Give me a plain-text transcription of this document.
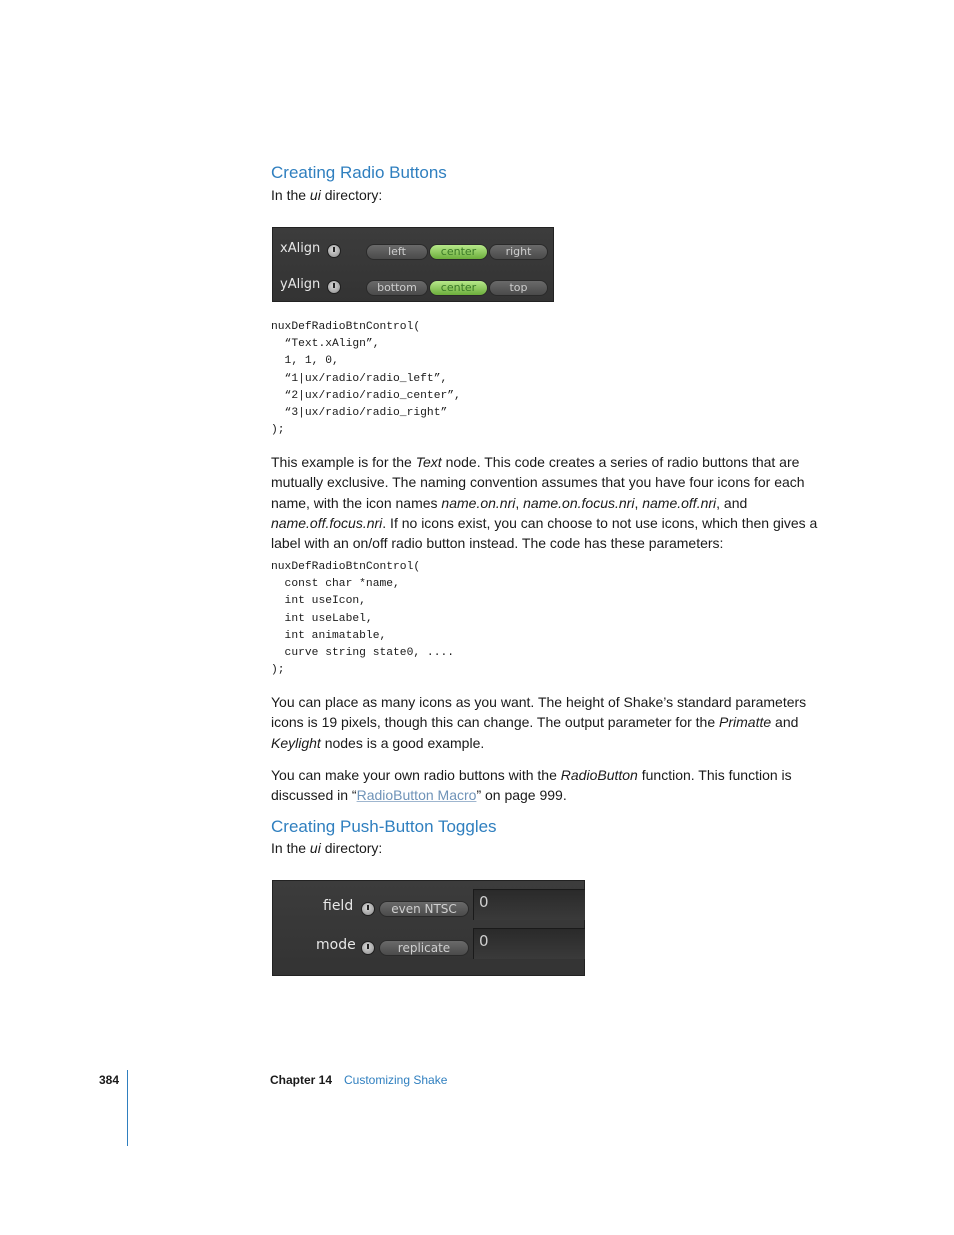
Creating Radio Buttons

In the ui directory:

xAlign	left	center	right
yAlign	bottom	center	top
nuxDefRadioBtnControl(
“Text.xAlign”,
1, 1, 0,
“1|ux/radio/radio_left”,
“2|ux/radio/radio_center”,
“3|ux/radio/radio_right”
);

This example is for the Text node. This code creates a series of radio buttons that are mutually exclusive. The naming convention assumes that you have four icons for each name, with the icon names name.on.nri, name.on.focus.nri, name.off.nri, and name.off.focus.nri. If no icons exist, you can choose to not use icons, which then gives a label with an on/off radio button instead. The code has these parameters:

nuxDefRadioBtnControl(
const char *name,
int useIcon,
int useLabel,
int animatable,
curve string state0, ....
);

You can place as many icons as you want. The height of Shake’s standard parameters icons is 19 pixels, though this can change. The output parameter for the Primatte and Keylight nodes is a good example.

You can make your own radio buttons with the RadioButton function. This function is discussed in “RadioButton Macro” on page 999.

Creating Push-Button Toggles

In the ui directory:

field	even NTSC	0
mode	replicate	0
384	Chapter 14 Customizing Shake
